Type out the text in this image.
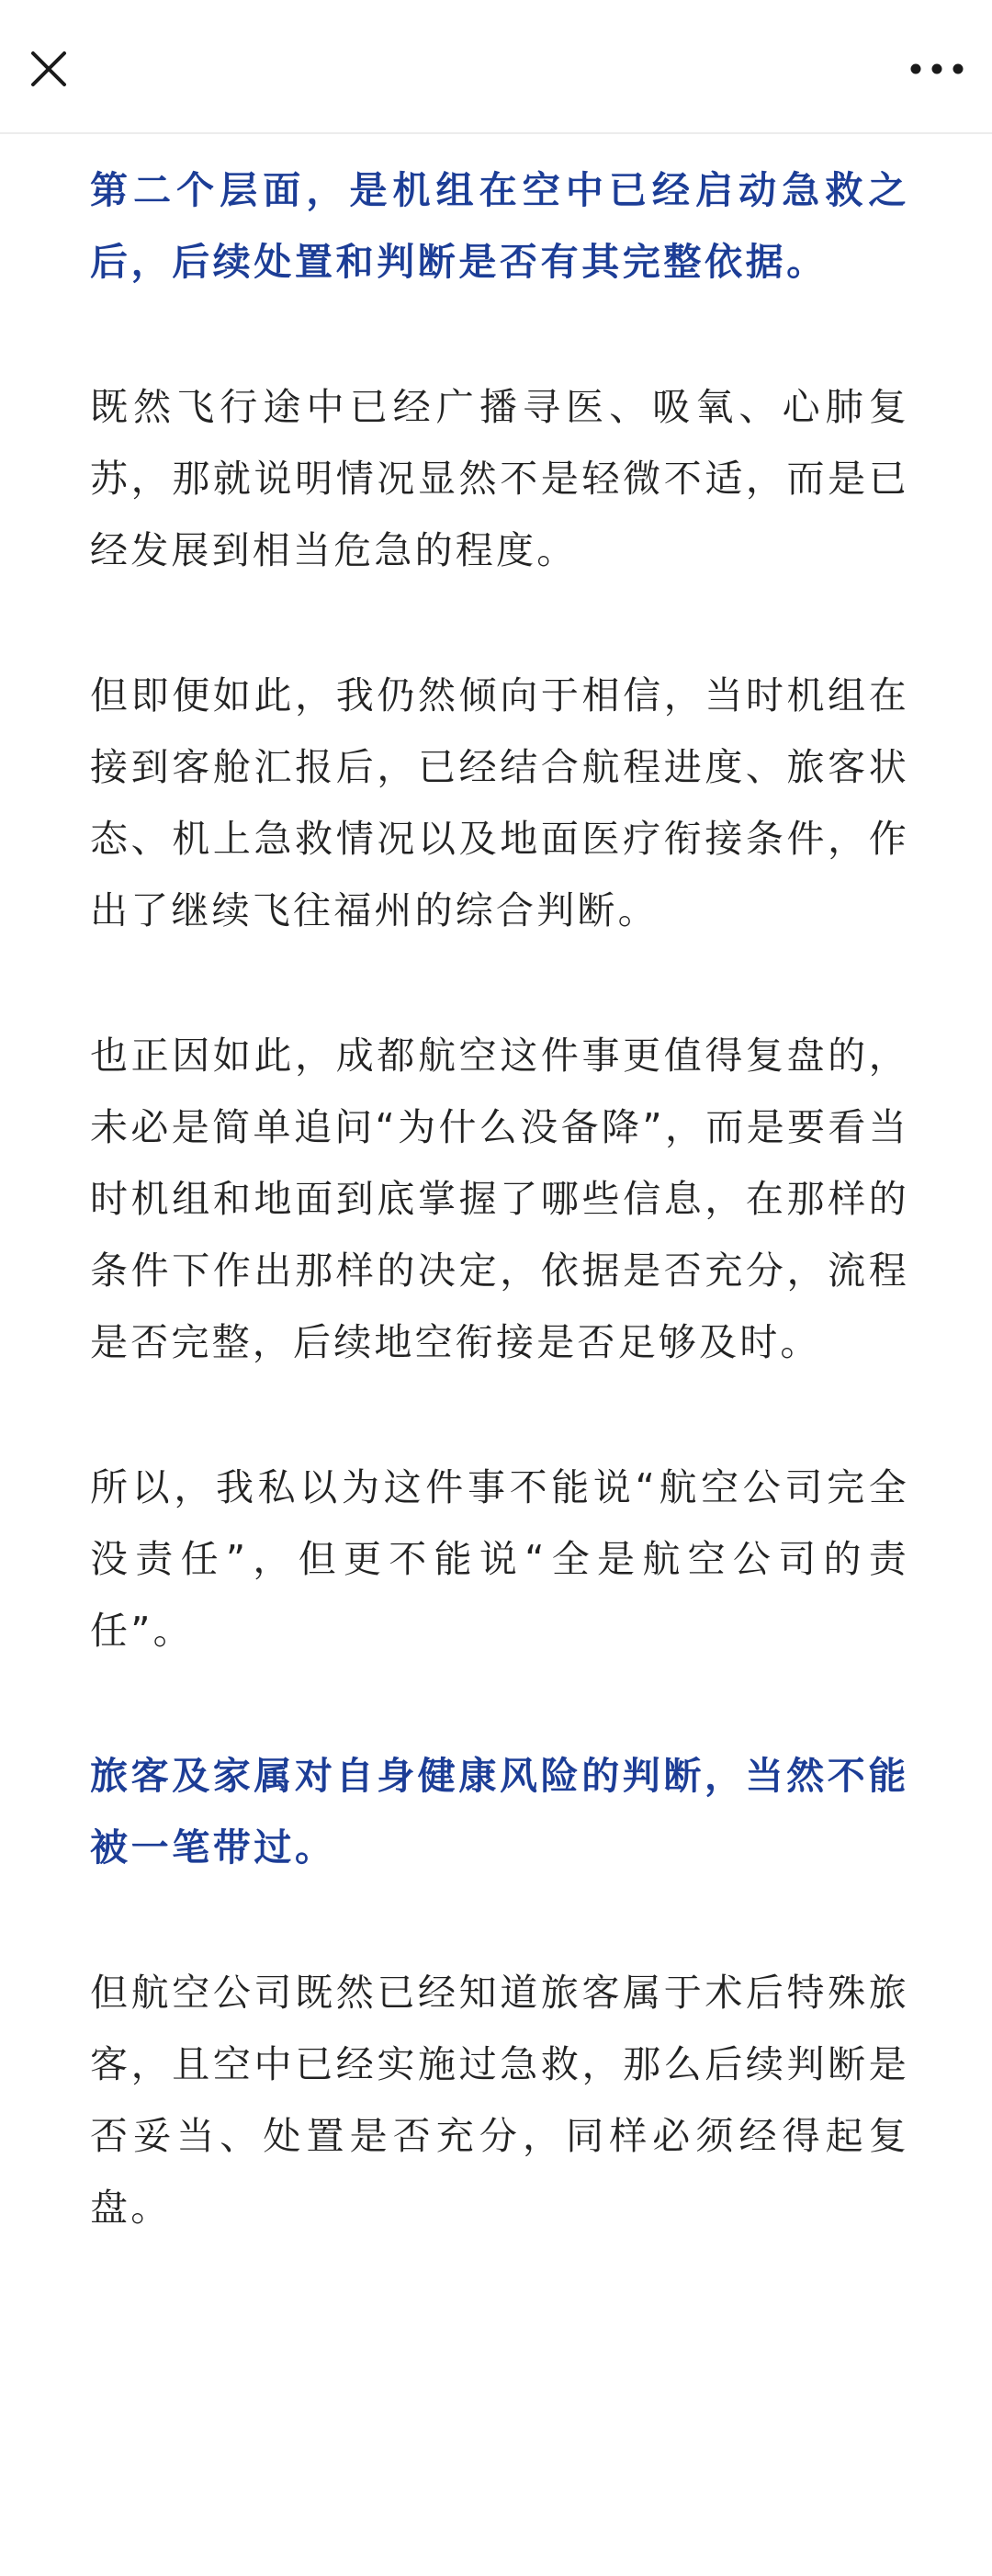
第二个层面，是机组在空中已经启动急救之后，后续处置和判断是否有其完整依据。

既然飞行途中已经广播寻医、吸氧、心肺复苏，那就说明情况显然不是轻微不适，而是已经发展到相当危急的程度。

但即便如此，我仍然倾向于相信，当时机组在接到客舱汇报后，已经结合航程进度、旅客状态、机上急救情况以及地面医疗衔接条件，作出了继续飞往福州的综合判断。

也正因如此，成都航空这件事更值得复盘的，未必是简单追问“为什么没备降”，而是要看当时机组和地面到底掌握了哪些信息，在那样的条件下作出那样的决定，依据是否充分，流程是否完整，后续地空衔接是否足够及时。

所以，我私以为这件事不能说“航空公司完全没责任”，但更不能说“全是航空公司的责任”。

旅客及家属对自身健康风险的判断，当然不能被一笔带过。

但航空公司既然已经知道旅客属于术后特殊旅客，且空中已经实施过急救，那么后续判断是否妥当、处置是否充分，同样必须经得起复盘。
